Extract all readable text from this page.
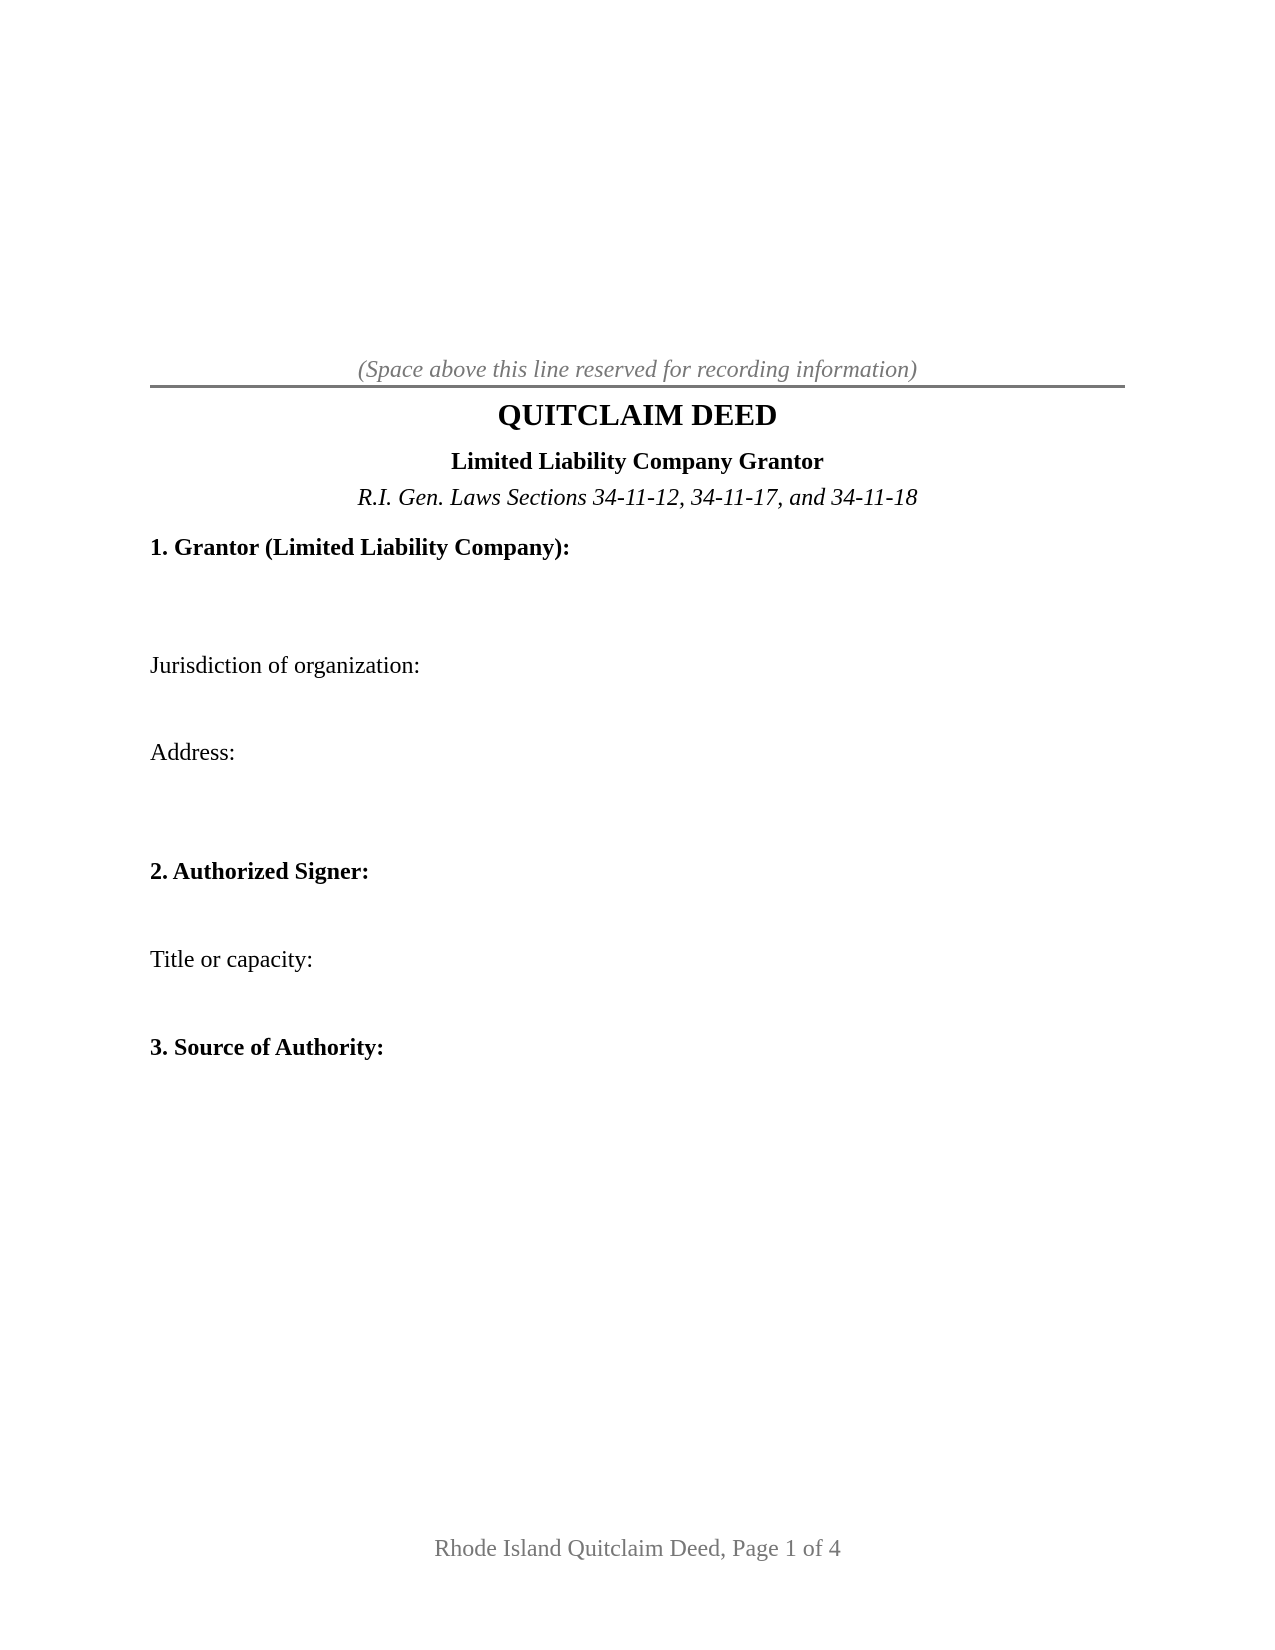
(Space above this line reserved for recording information)
QUITCLAIM DEED
Limited Liability Company Grantor
R.I. Gen. Laws Sections 34-11-12, 34-11-17, and 34-11-18
1. Grantor (Limited Liability Company):
Jurisdiction of organization:
Address:
2. Authorized Signer:
Title or capacity:
3. Source of Authority:
Rhode Island Quitclaim Deed, Page 1 of 4
